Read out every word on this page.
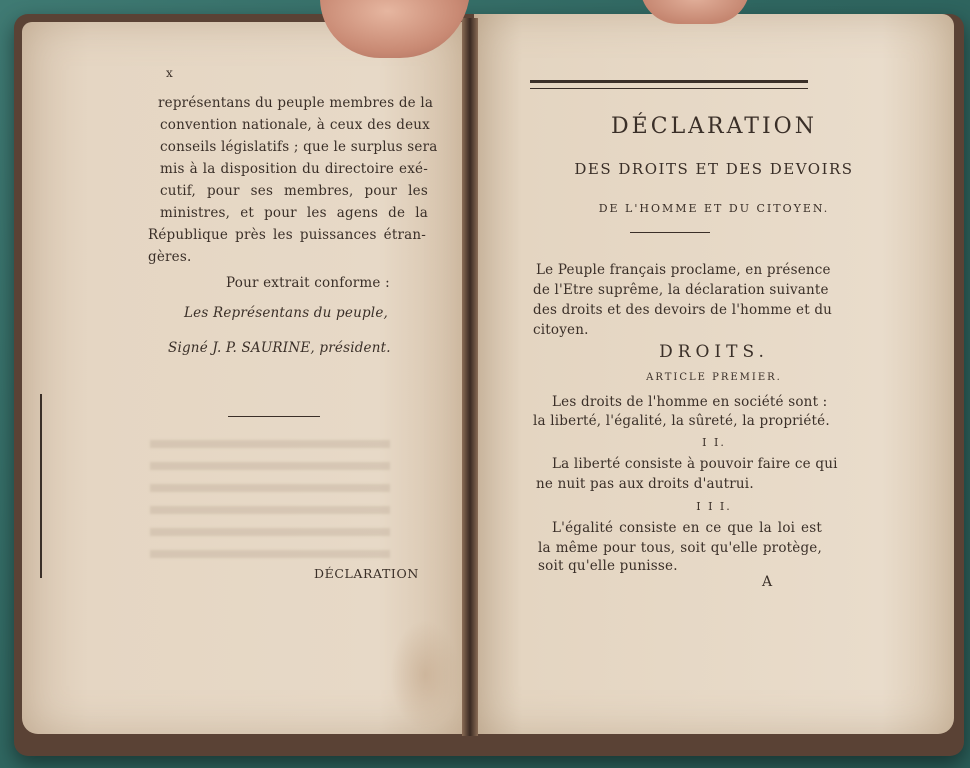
x
représentans du peuple membres de la
convention nationale, à ceux des deux
conseils législatifs ; que le surplus sera
mis à la disposition du directoire exé-
cutif, pour ses membres, pour les
ministres, et pour les agens de la
République près les puissances étran-
gères.
Pour extrait conforme :
Les Représentans du peuple,
Signé J. P. SAURINE, président.
DÉCLARATION
DÉCLARATION
DES DROITS ET DES DEVOIRS
DE L'HOMME ET DU CITOYEN.
Le Peuple français proclame, en présence
de l'Etre suprême, la déclaration suivante
des droits et des devoirs de l'homme et du
citoyen.
DROITS.
ARTICLE PREMIER.
Les droits de l'homme en société sont :
la liberté, l'égalité, la sûreté, la propriété.
I I.
La liberté consiste à pouvoir faire ce qui
ne nuit pas aux droits d'autrui.
I I I.
L'égalité consiste en ce que la loi est
la même pour tous, soit qu'elle protège,
soit qu'elle punisse.
A
